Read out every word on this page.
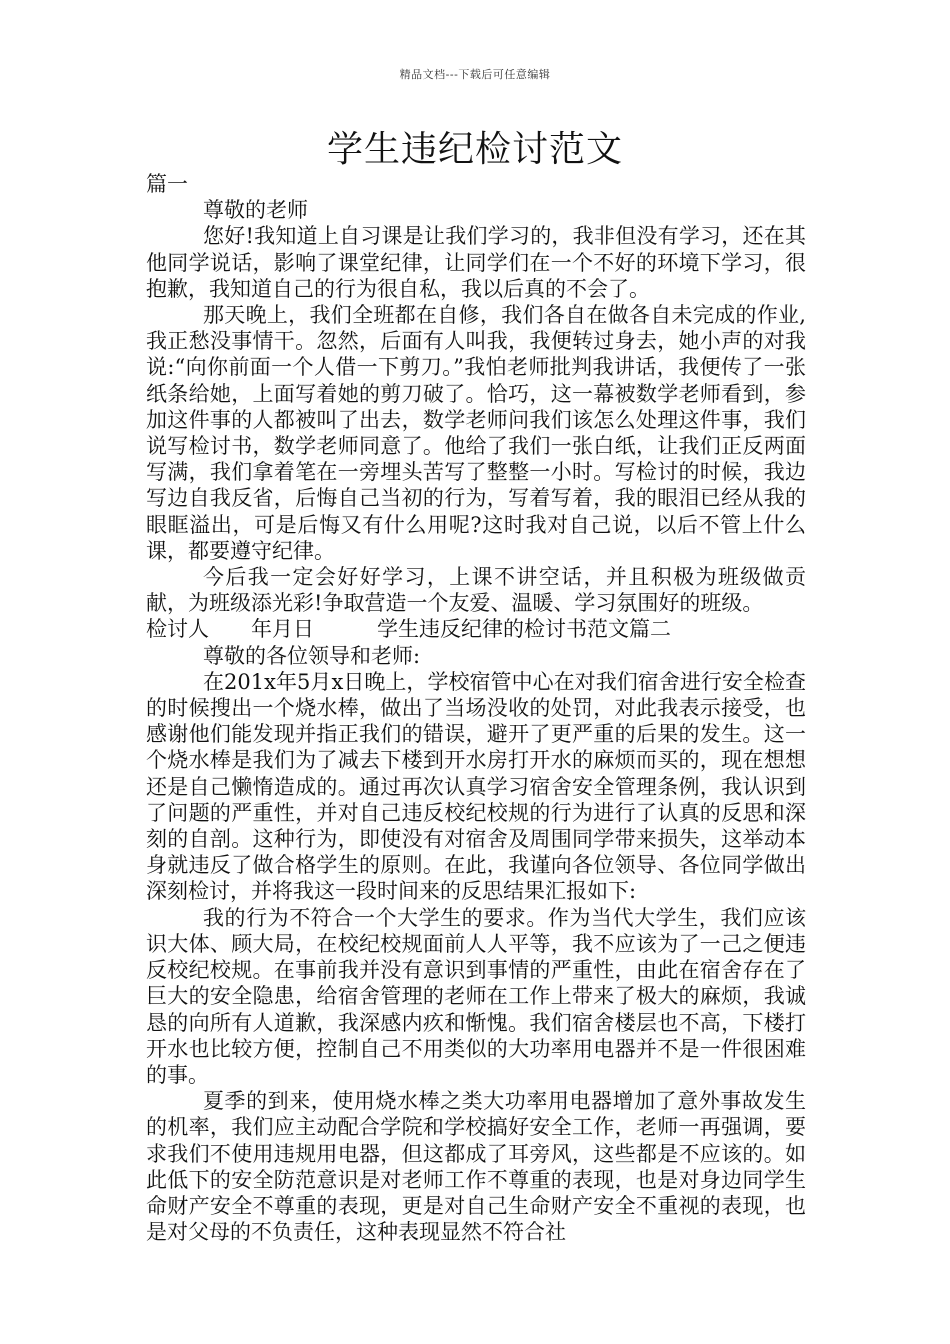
精品文档---下载后可任意编辑
学生违纪检讨范文

篇一

尊敬的老师

您好!我知道上自习课是让我们学习的，我非但没有学习，还在其他同学说话，影响了课堂纪律，让同学们在一个不好的环境下学习，很抱歉，我知道自己的行为很自私，我以后真的不会了。

那天晚上，我们全班都在自修，我们各自在做各自未完成的作业,我正愁没事情干。忽然，后面有人叫我，我便转过身去，她小声的对我说:“向你前面一个人借一下剪刀。”我怕老师批判我讲话，我便传了一张纸条给她，上面写着她的剪刀破了。恰巧，这一幕被数学老师看到，参加这件事的人都被叫了出去，数学老师问我们该怎么处理这件事，我们说写检讨书，数学老师同意了。他给了我们一张白纸，让我们正反两面写满，我们拿着笔在一旁埋头苦写了整整一小时。写检讨的时候，我边写边自我反省，后悔自己当初的行为，写着写着，我的眼泪已经从我的眼眶溢出，可是后悔又有什么用呢?这时我对自己说，以后不管上什么课，都要遵守纪律。

今后我一定会好好学习，上课不讲空话，并且积极为班级做贡献，为班级添光彩!争取营造一个友爱、温暖、学习氛围好的班级。

检讨人　　年月日　　　学生违反纪律的检讨书范文篇二

尊敬的各位领导和老师:

在201x年5月x日晚上，学校宿管中心在对我们宿舍进行安全检查的时候搜出一个烧水棒，做出了当场没收的处罚，对此我表示接受，也感谢他们能发现并指正我们的错误，避开了更严重的后果的发生。这一个烧水棒是我们为了减去下楼到开水房打开水的麻烦而买的，现在想想还是自己懒惰造成的。通过再次认真学习宿舍安全管理条例，我认识到了问题的严重性，并对自己违反校纪校规的行为进行了认真的反思和深刻的自剖。这种行为，即使没有对宿舍及周围同学带来损失，这举动本身就违反了做合格学生的原则。在此，我谨向各位领导、各位同学做出深刻检讨，并将我这一段时间来的反思结果汇报如下:

我的行为不符合一个大学生的要求。作为当代大学生，我们应该识大体、顾大局，在校纪校规面前人人平等，我不应该为了一己之便违反校纪校规。在事前我并没有意识到事情的严重性，由此在宿舍存在了巨大的安全隐患，给宿舍管理的老师在工作上带来了极大的麻烦，我诚恳的向所有人道歉，我深感内疚和惭愧。我们宿舍楼层也不高，下楼打开水也比较方便，控制自己不用类似的大功率用电器并不是一件很困难的事。

夏季的到来，使用烧水棒之类大功率用电器增加了意外事故发生的机率，我们应主动配合学院和学校搞好安全工作，老师一再强调，要求我们不使用违规用电器，但这都成了耳旁风，这些都是不应该的。如此低下的安全防范意识是对老师工作不尊重的表现，也是对身边同学生命财产安全不尊重的表现，更是对自己生命财产安全不重视的表现，也是对父母的不负责任，这种表现显然不符合社
